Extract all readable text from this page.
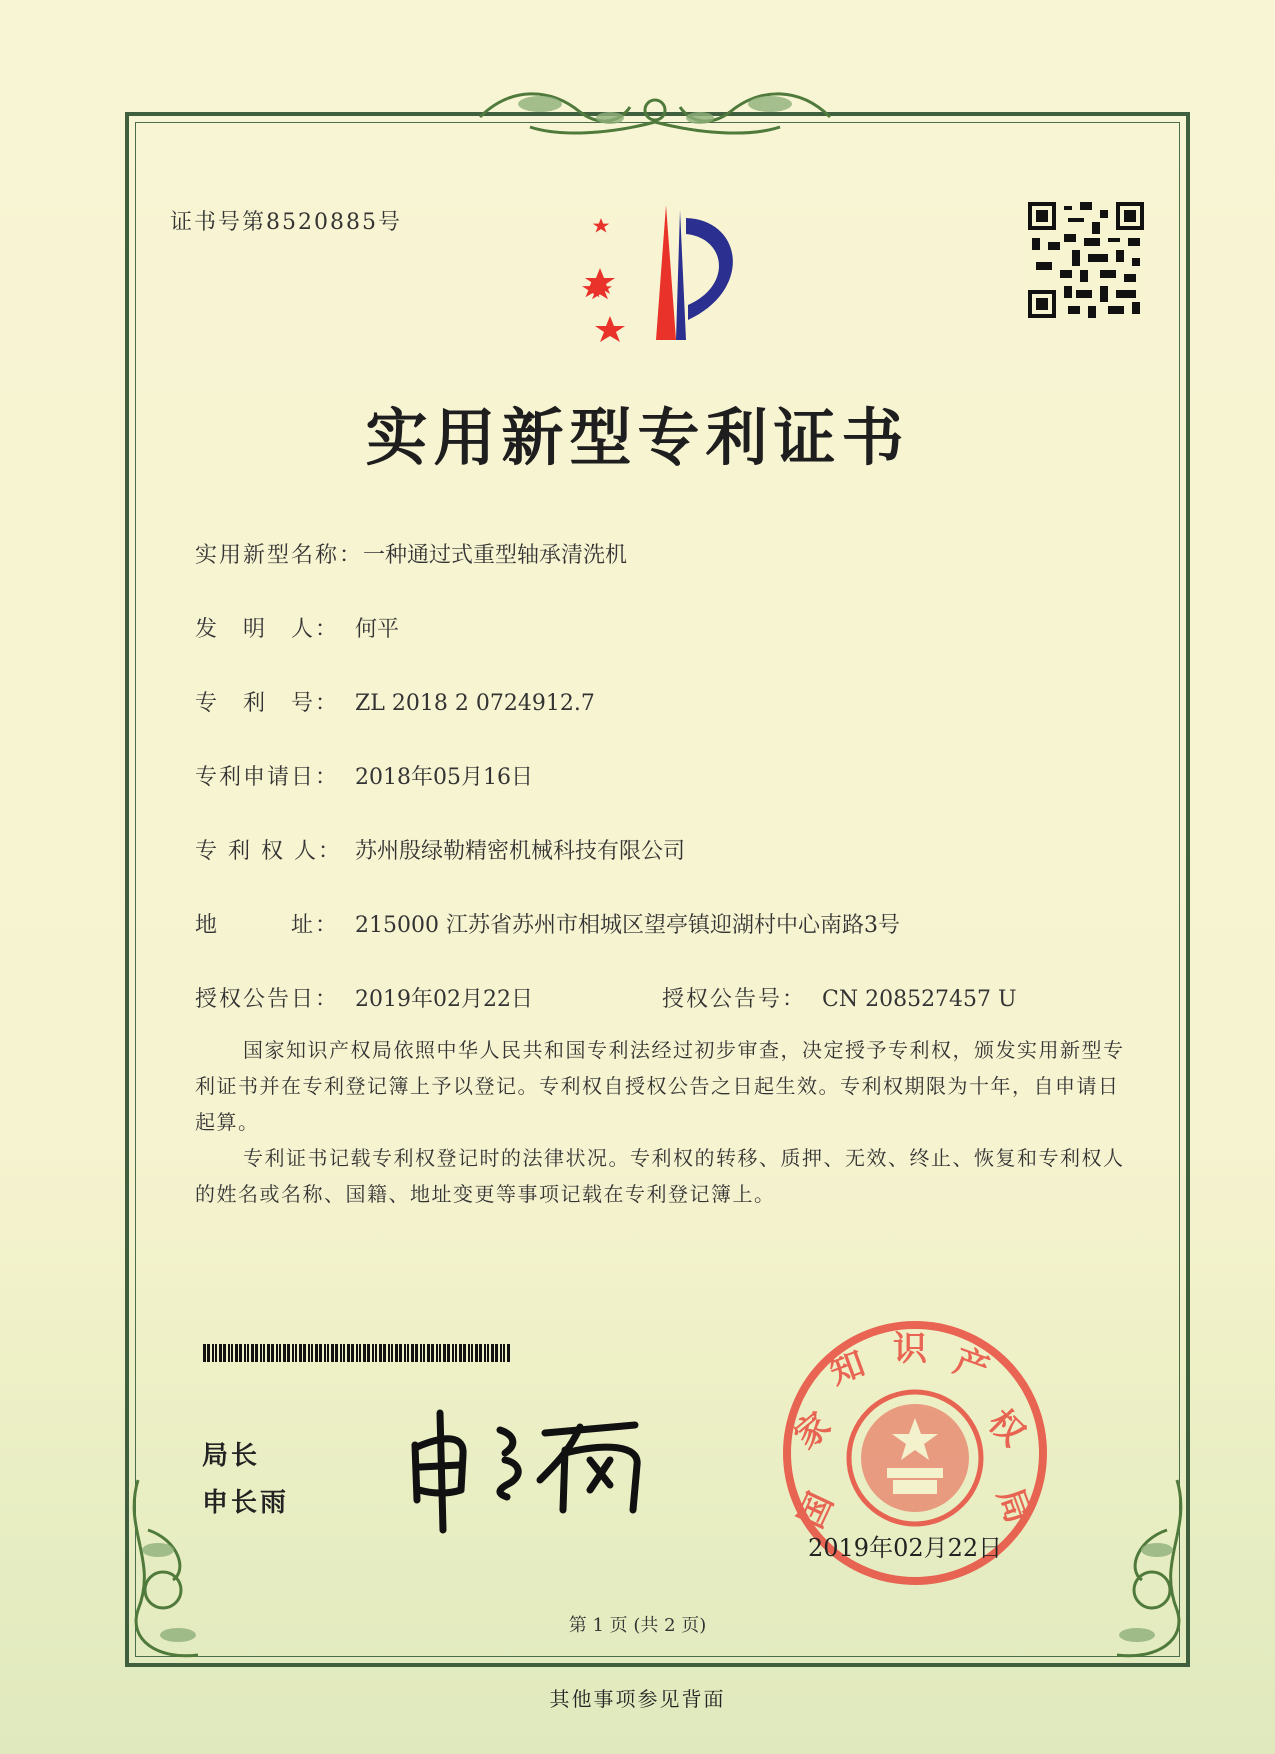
证书号第8520885号
实用新型专利证书
实用新型名称：一种通过式重型轴承清洗机
发　明　人： 何平
专　利　号： ZL 2018 2 0724912.7
专利申请日： 2018年05月16日
专 利 权 人： 苏州殷绿勒精密机械科技有限公司
地　　　址： 215000 江苏省苏州市相城区望亭镇迎湖村中心南路3号
授权公告日： 2019年02月22日	授权公告号： CN 208527457 U
国家知识产权局依照中华人民共和国专利法经过初步审查，决定授予专利权，颁发实用新型专利证书并在专利登记簿上予以登记。专利权自授权公告之日起生效。专利权期限为十年，自申请日起算。
专利证书记载专利权登记时的法律状况。专利权的转移、质押、无效、终止、恢复和专利权人的姓名或名称、国籍、地址变更等事项记载在专利登记簿上。
局长
申长雨	国
家
知 识 产
权
局
2019年02月22日
第 1 页 (共 2 页)
其他事项参见背面
